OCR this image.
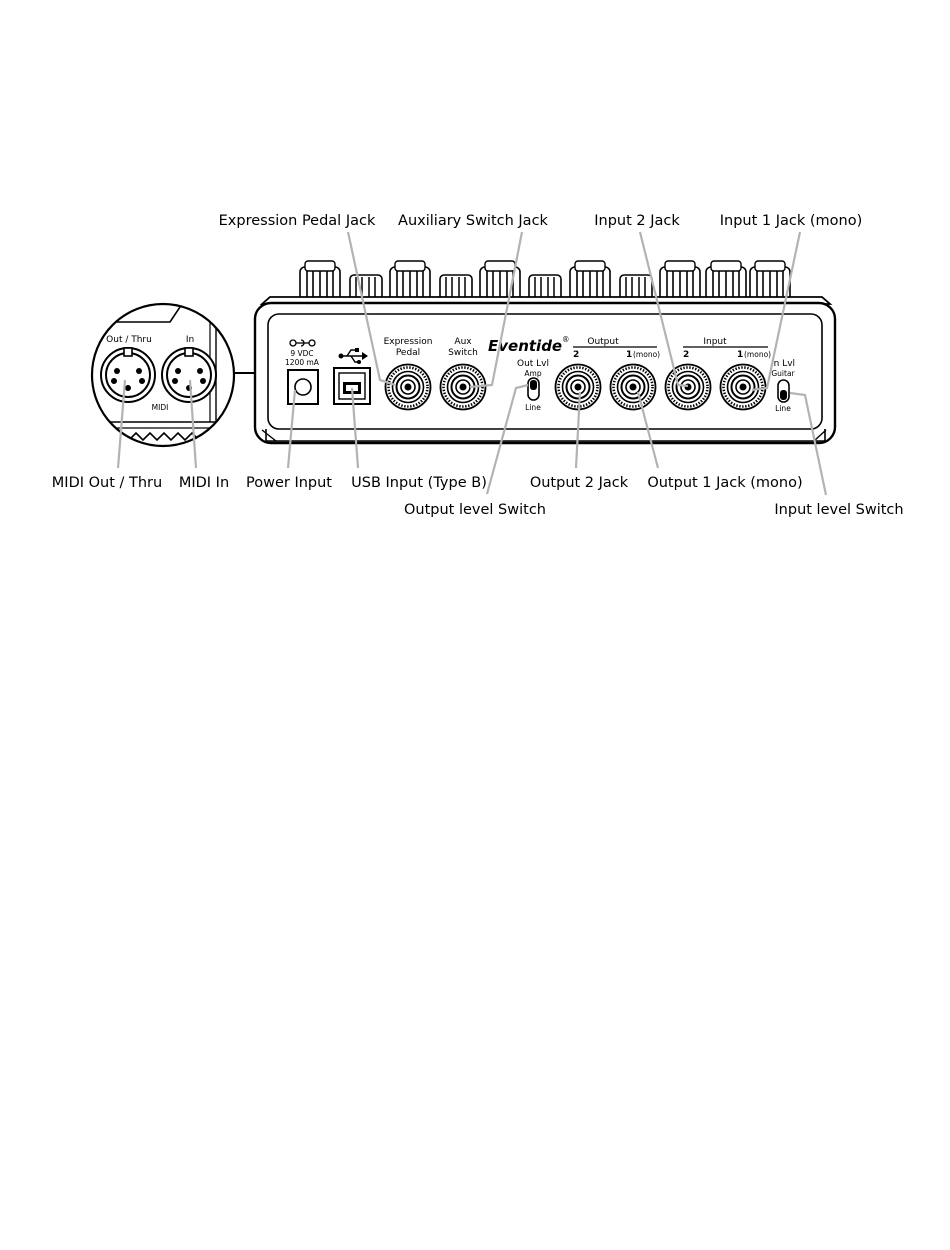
9 VDC
1200 mA
Expression
Pedal
Aux
Switch Eventide ® Output
2	1 (mono)
Out Lvl
Amp
Line
Input
2	1 (mono)
In Lvl
Guitar
Line
Out / Thru	In
MIDI
Expression Pedal Jack Auxiliary Switch Jack	Input 2 Jack	Input 1 Jack (mono)
MIDI Out / Thru MIDI In Power Input USB Input (Type B)	Output 2 Jack Output 1 Jack (mono)
Output level Switch	Input level Switch
